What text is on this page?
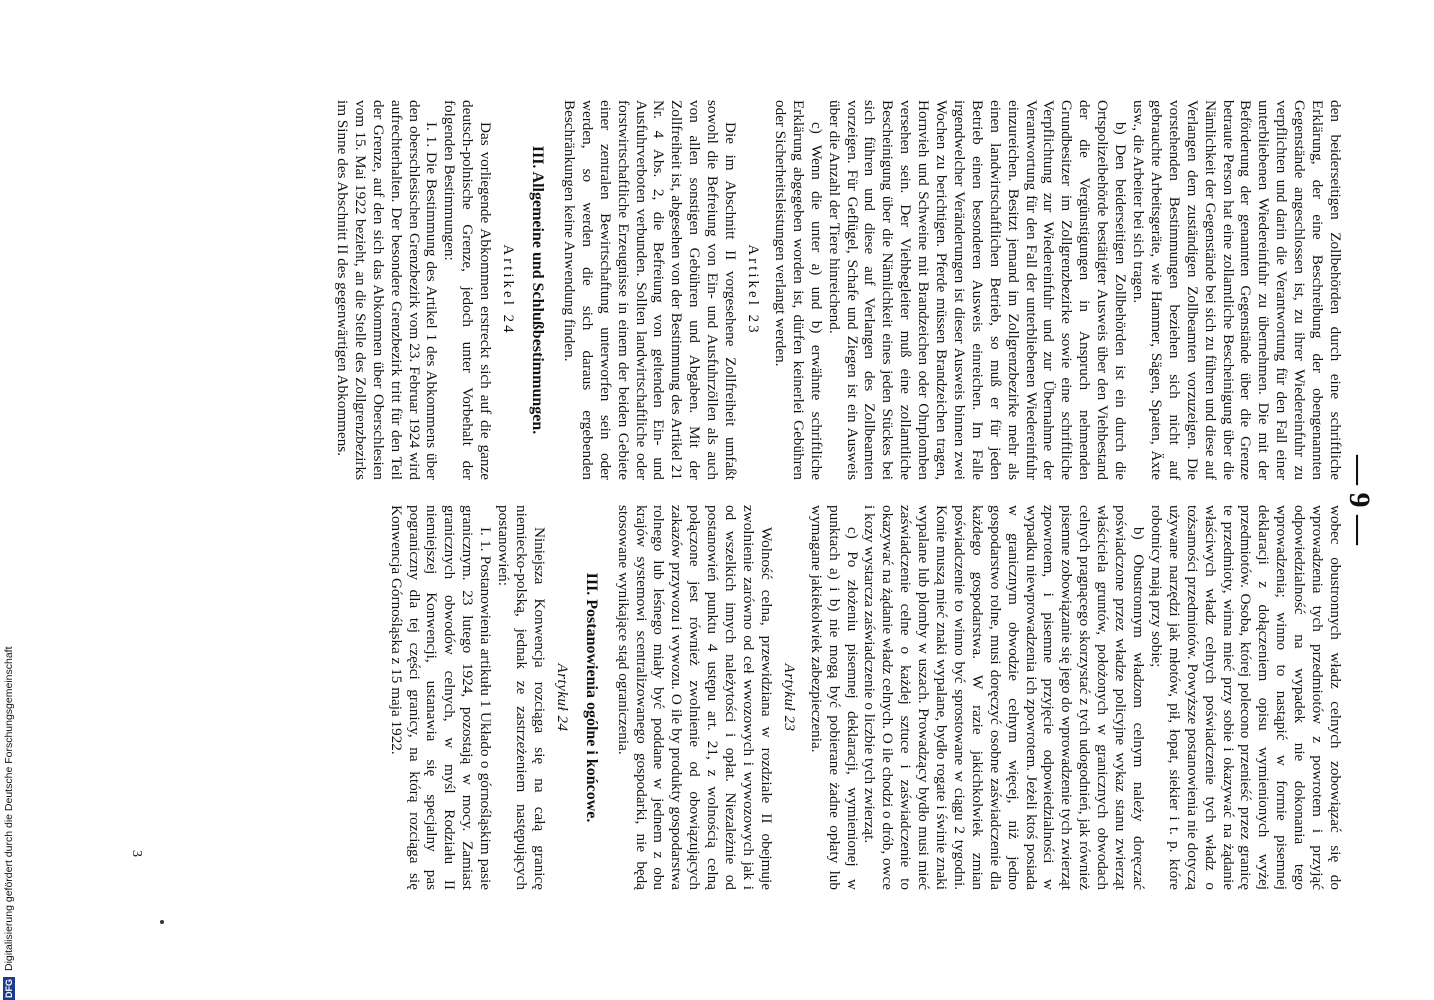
— 9 —

den beiderseitigen Zollbehörden durch eine schriftliche Erklärung, der eine Beschreibung der obengenannten Gegenstände angeschlossen ist, zu ihrer Wiedereinfuhr zu verpflichten und darin die Verantwortung für den Fall einer unterbliebenen Wiedereinfuhr zu übernehmen. Die mit der Beförderung der genannten Gegenstände über die Grenze betraute Person hat eine zollamtliche Bescheinigung über die Nämlichkeit der Gegenstände bei sich zu führen und diese auf Verlangen dem zuständigen Zollbeamten vorzuzeigen. Die vorstehenden Bestimmungen beziehen sich nicht auf gebrauchte Arbeitsgeräte, wie Hammer, Sägen, Spaten, Äxte usw., die Arbeiter bei sich tragen.

b) Den beiderseitigen Zollbehörden ist ein durch die Ortspolizeibehörde bestätigter Ausweis über den Viehbestand der die Vergünstigungen in Anspruch nehmenden Grundbesitzer im Zollgrenzbezirke sowie eine schriftliche Verpflichtung zur Wiedereinfuhr und zur Übernahme der Verantwortung für den Fall der unterbliebenen Wiedereinfuhr einzureichen. Besitzt jemand im Zollgrenzbezirke mehr als einen landwirtschaftlichen Betrieb, so muß er für jeden Betrieb einen besonderen Ausweis einreichen. Im Falle irgendwelcher Veränderungen ist dieser Ausweis binnen zwei Wochen zu berichtigen. Pferde müssen Brandzeichen tragen, Hornvieh und Schweine mit Brandzeichen oder Ohrplomben versehen sein. Der Viehbegleiter muß eine zollamtliche Bescheinigung über die Nämlichkeit eines jeden Stückes bei sich führen und diese auf Verlangen des Zollbeamten vorzeigen. Für Geflügel, Schafe und Ziegen ist ein Ausweis über die Anzahl der Tiere hinreichend.

c) Wenn die unter a) und b) erwähnte schriftliche Erklärung abgegeben worden ist, dürfen keinerlei Gebühren oder Sicherheitsleistungen verlangt werden.

Artikel 23

Die im Abschnitt II vorgesehene Zollfreiheit umfaßt sowohl die Befreiung von Ein- und Ausfuhrzöllen als auch von allen sonstigen Gebühren und Abgaben. Mit der Zollfreiheit ist, abgesehen von der Bestimmung des Artikel 21 Nr. 4 Abs. 2, die Befreiung von geltenden Ein- und Ausfuhrverboten verbunden. Sollten landwirtschaftliche oder forstwirtschaftliche Erzeugnisse in einem der beiden Gebiete einer zentralen Bewirtschaftung unterworfen sein oder werden, so werden die sich daraus ergebenden Beschränkungen keine Anwendung finden.

III. Allgemeine und Schlußbestimmungen.
Artikel 24

Das vorliegende Abkommen erstreckt sich auf die ganze deutsch-polnische Grenze, jedoch unter Vorbehalt der folgenden Bestimmungen:

I. 1. Die Bestimmung des Artikel 1 des Abkommens über den oberschlesischen Grenzbezirk vom 23. Februar 1924 wird aufrechterhalten. Der besondere Grenzbezirk tritt für den Teil der Grenze, auf den sich das Abkommen über Oberschlesien vom 15. Mai 1922 bezieht, an die Stelle des Zollgrenzbezirks im Sinne des Abschnitt II des gegenwärtigen Abkommens.

wobec obustronnych władz celnych zobowiązać się do wprowadzenia tych przedmiotów z powrotem i przyjąć odpowiedzialność na wypadek nie dokonania tego wprowadzenia; winno to nastąpić w formie pisemnej deklaracji z dołączeniem opisu wymienionych wyżej przedmiotów. Osoba, której polecono przenieść przez granicę te przedmioty, winna mieć przy sobie i okazywać na żądanie właściwych władz celnych poświadczenie tych władz o tożsamości przedmiotów. Powyższe postanowienia nie dotyczą używane narzędzi jak młotów, pił, łopat, siekier i t. p. które robotnicy mają przy sobie;

b) Obustronnym władzom celnym należy doręczać poświadczone przez władze policyjne wykaz stanu zwierząt właściciela gruntów, położonych w granicznych obwodach celnych pragnącego skorzystać z tych udogodnień, jak również pisemne zobowiązanie się jego do wprowadzenie tych zwierząt zpowrotem, i pisemne przyjęcie odpowiedzialności w wypadku niewprowadzenia ich zpowrotem. Jeżeli ktoś posiada w granicznym obwodzie celnym więcej, niż jedno gospodarstwo rolne, musi doręczyć osobne zaświadczenie dla każdego gospodarstwa. W razie jakichkolwiek zmian poświadczenie to winno być sprostowane w ciągu 2 tygodni. Konie muszą mieć znaki wypalane, bydło rogate i świnie znaki wypalane lub plomby w uszach. Prowadzący bydło musi mieć zaświadczenie celne o każdej sztuce i zaświadczenie to okazywać na żądanie władz celnych. O ile chodzi o drób, owce i kozy wystarcza zaświadczenie o liczbie tych zwierząt.

c) Po złożeniu pisemnej deklaracji, wymienionej w punktach a) i b) nie mogą być pobierane żadne opłaty lub wymagane jakiekolwiek zabezpieczenia.

Artykuł 23

Wolność celna, przewidziana w rozdziale II obejmuje zwolnienie zarówno od ceł wwozowych i wywozowych jak i od wszelkich innych należytości i opłat. Niezależnie od postanowień punktu 4 ustępu art. 21, z wolnością celną połączone jest również zwolnienie od obowiązujących zakazów przywozu i wywozu. O ile by produkty gospodarstwa rolnego lub leśnego miały być poddane w jednem z obu krajów systemowi scentralizowanego gospodarki, nie będą stosowane wynikające stąd ograniczenia.

III. Postanowienia ogólne i końcowe.
Artykuł 24

Niniejsza Konwencja rozciąga się na całą granicę niemiecko-polską, jednak ze zastrzeżeniem następujących postanowień:

I. 1. Postanowienia artikułu 1 Układo o górnośląskim pasie granicznym. 23 lutego 1924, pozostają w mocy. Zamiast granicznych obwodów celnych, w myśl Rodziału II niemiejszej Konwencji, ustanawia się specjalny pas pograniczny dla tej części granicy, na którą rozciąga się Konwencja Górnośląska z 15 maja 1922.

3
DFG
Digitalisierung gefördert durch die Deutsche Forschungsgemeinschaft
